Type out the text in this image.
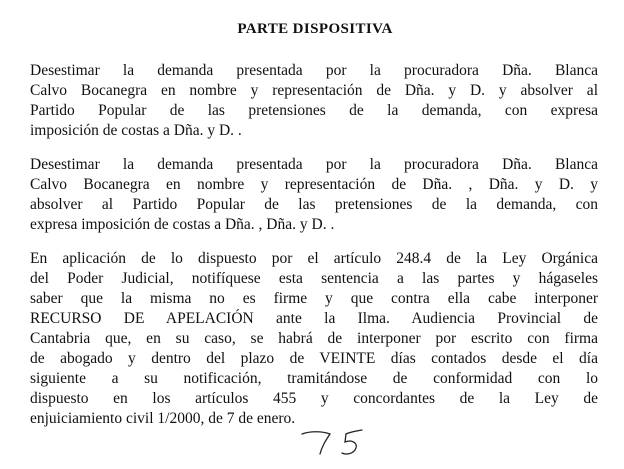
PARTE DISPOSITIVA
Desestimar la demanda presentada por la procuradora Dña. Blanca
Calvo Bocanegra en nombre y representación de Dña. y D. y absolver al
Partido Popular de las pretensiones de la demanda, con expresa
imposición de costas a Dña. y D. .
Desestimar la demanda presentada por la procuradora Dña. Blanca
Calvo Bocanegra en nombre y representación de Dña. , Dña. y D. y
absolver al Partido Popular de las pretensiones de la demanda, con
expresa imposición de costas a Dña. , Dña. y D. .
En aplicación de lo dispuesto por el artículo 248.4 de la Ley Orgánica
del Poder Judicial, notifíquese esta sentencia a las partes y hágaseles
saber que la misma no es firme y que contra ella cabe interponer
RECURSO DE APELACIÓN ante la Ilma. Audiencia Provincial de
Cantabria que, en su caso, se habrá de interponer por escrito con firma
de abogado y dentro del plazo de VEINTE días contados desde el día
siguiente a su notificación, tramitándose de conformidad con lo
dispuesto en los artículos 455 y concordantes de la Ley de
enjuiciamiento civil 1/2000, de 7 de enero.
